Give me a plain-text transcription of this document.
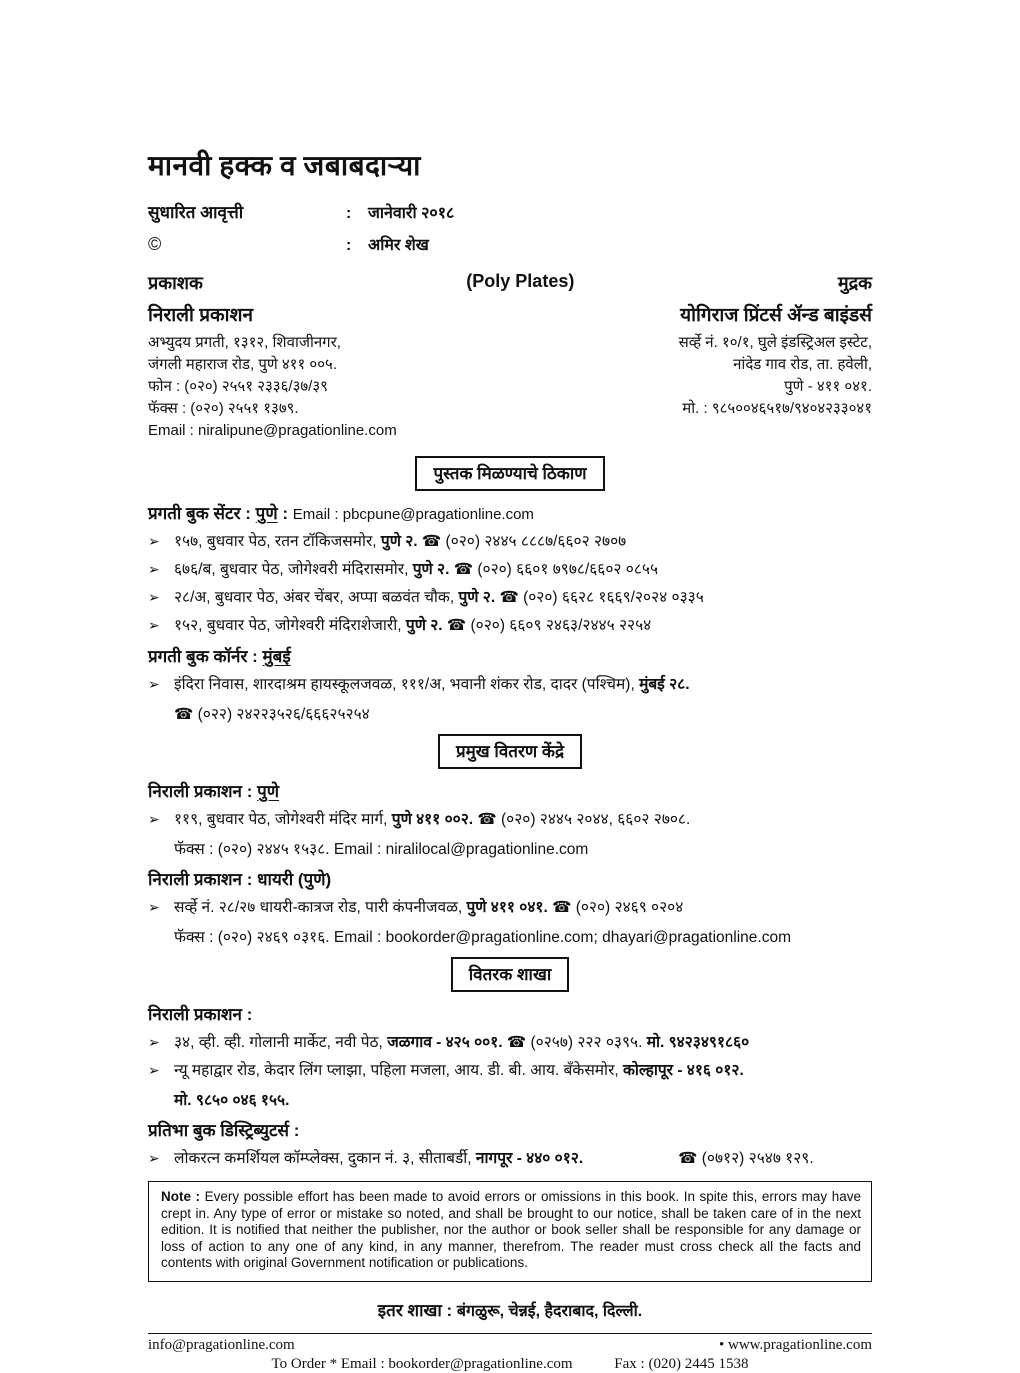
मानवी हक्क व जबाबदाऱ्या
सुधारित आवृत्ती	:	जानेवारी २०१८
©	:	अमिर शेख
प्रकाशक	(Poly Plates)	मुद्रक
निराली प्रकाशन
अभ्युदय प्रगती, १३१२, शिवाजीनगर,
जंगली महाराज रोड, पुणे ४११ ००५.
फोन : (०२०) २५५१ २३३६/३७/३९
फॅक्स : (०२०) २५५१ १३७९.
Email : niralipune@pragationline.com
योगिराज प्रिंटर्स ॲन्ड बाइंडर्स
सर्व्हे नं. १०/१, घुले इंडस्ट्रिअल इस्टेट,
नांदेड गाव रोड, ता. हवेली,
पुणे - ४११ ०४१.
मो. : ९८५००४६५१७/९४०४२३३०४१
पुस्तक मिळण्याचे ठिकाण
प्रगती बुक सेंटर : पुणे : Email : pbcpune@pragationline.com
➢ १५७, बुधवार पेठ, रतन टॉकिजसमोर, पुणे २. ☎ (०२०) २४४५ ८८८७/६६०२ २७०७
➢ ६७६/ब, बुधवार पेठ, जोगेश्वरी मंदिरासमोर, पुणे २. ☎ (०२०) ६६०१ ७९७८/६६०२ ०८५५
➢ २८/अ, बुधवार पेठ, अंबर चेंबर, अप्पा बळवंत चौक, पुणे २. ☎ (०२०) ६६२८ १६६९/२०२४ ०३३५
➢ १५२, बुधवार पेठ, जोगेश्वरी मंदिराशेजारी, पुणे २. ☎ (०२०) ६६०९ २४६३/२४४५ २२५४
प्रगती बुक कॉर्नर : मुंबई
➢ इंदिरा निवास, शारदाश्रम हायस्कूलजवळ, १११/अ, भवानी शंकर रोड, दादर (पश्चिम), मुंबई २८.
☎ (०२२) २४२२३५२६/६६६२५२५४
प्रमुख वितरण केंद्रे
निराली प्रकाशन : पुणे
➢ ११९, बुधवार पेठ, जोगेश्वरी मंदिर मार्ग, पुणे ४११ ००२. ☎ (०२०) २४४५ २०४४, ६६०२ २७०८.
फॅक्स : (०२०) २४४५ १५३८. Email : niralilocal@pragationline.com
निराली प्रकाशन : धायरी (पुणे)
➢ सर्व्हे नं. २८/२७ धायरी-कात्रज रोड, पारी कंपनीजवळ, पुणे ४११ ०४१. ☎ (०२०) २४६९ ०२०४
फॅक्स : (०२०) २४६९ ०३१६. Email : bookorder@pragationline.com; dhayari@pragationline.com
वितरक शाखा
निराली प्रकाशन :
➢ ३४, व्ही. व्ही. गोलानी मार्केट, नवी पेठ, जळगाव - ४२५ ००१. ☎ (०२५७) २२२ ०३९५. मो. ९४२३४९१८६०
➢ न्यू महाद्वार रोड, केदार लिंग प्लाझा, पहिला मजला, आय. डी. बी. आय. बँकेसमोर, कोल्हापूर - ४१६ ०१२.
मो. ९८५० ०४६ १५५.
प्रतिभा बुक डिस्ट्रिब्युटर्स :
➢ लोकरत्न कमर्शियल कॉम्प्लेक्स, दुकान नं. ३, सीताबर्डी, नागपूर - ४४० ०१२.	☎ (०७१२) २५४७ १२९.
Note : Every possible effort has been made to avoid errors or omissions in this book. In spite this, errors may have crept in. Any type of error or mistake so noted, and shall be brought to our notice, shall be taken care of in the next edition. It is notified that neither the publisher, nor the author or book seller shall be responsible for any damage or loss of action to any one of any kind, in any manner, therefrom. The reader must cross check all the facts and contents with original Government notification or publications.
इतर शाखा : बंगळुरू, चेन्नई, हैदराबाद, दिल्ली.
info@pragationline.com	• www.pragationline.com
To Order * Email : bookorder@pragationline.com	Fax : (020) 2445 1538
